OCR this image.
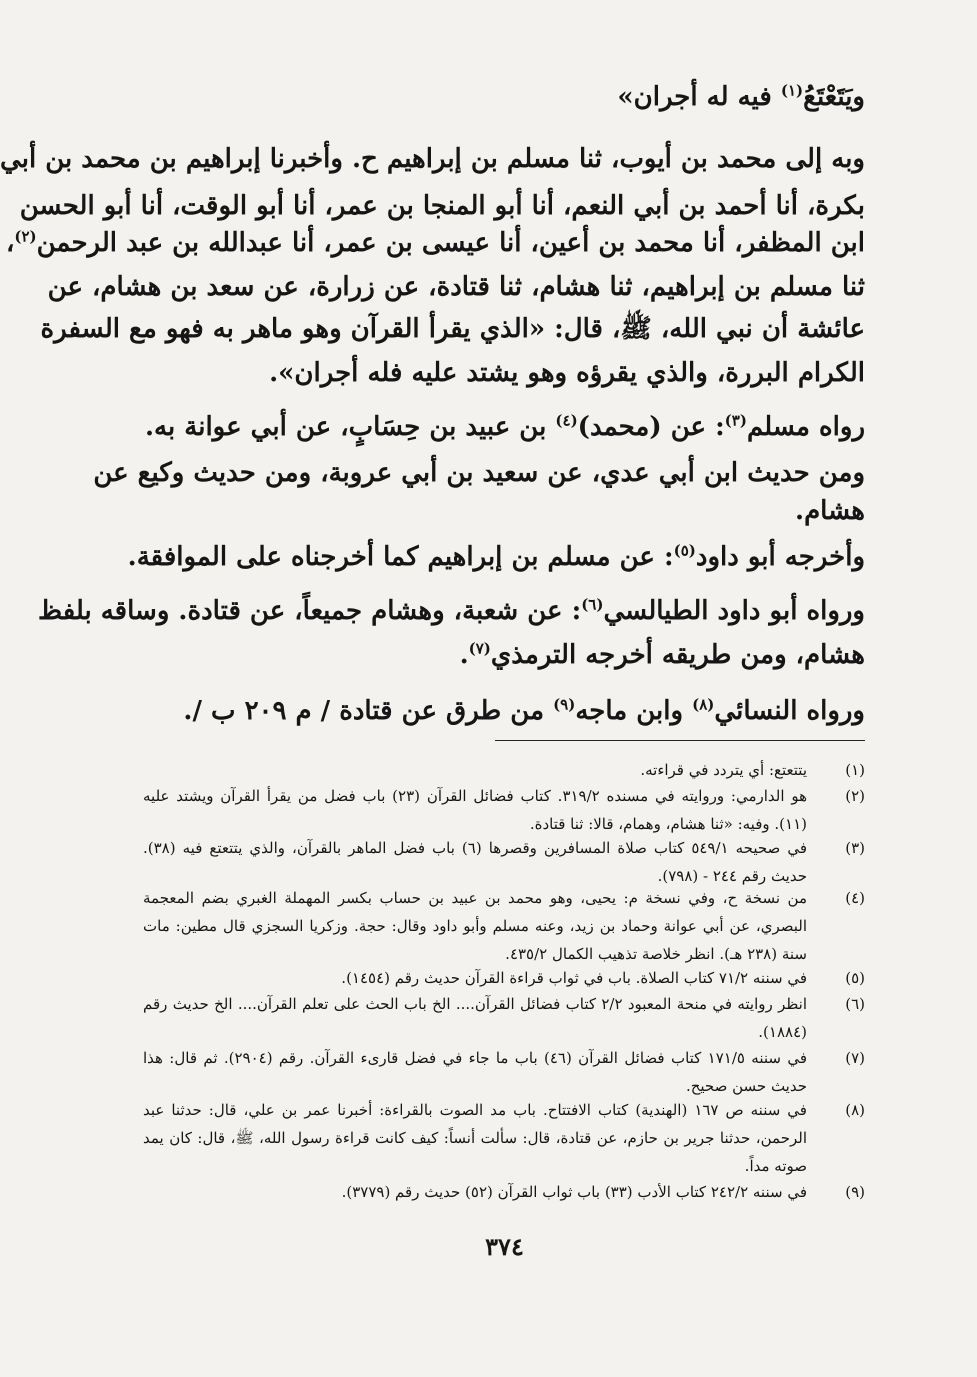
ويَتَعْتَعُ$^{(١)}$ فيه له أجران»
وبه إلى محمد بن أيوب، ثنا مسلم بن إبراهيم ح. وأخبرنا إبراهيم بن محمد بن أبي
بكرة، أنا أحمد بن أبي النعم، أنا أبو المنجا بن عمر، أنا أبو الوقت، أنا أبو الحسن
ابن المظفر، أنا محمد بن أعين، أنا عيسى بن عمر، أنا عبدالله بن عبد الرحمن$^{(٢)}$،
ثنا مسلم بن إبراهيم، ثنا هشام، ثنا قتادة، عن زرارة، عن سعد بن هشام، عن
عائشة أن نبي الله، ﷺ، قال: «الذي يقرأ القرآن وهو ماهر به فهو مع السفرة
الكرام البررة، والذي يقرؤه وهو يشتد عليه فله أجران».
رواه مسلم$^{(٣)}$: عن (محمد)$^{(٤)}$ بن عبيد بن حِسَابٍ، عن أبي عوانة به.
ومن حديث ابن أبي عدي، عن سعيد بن أبي عروبة، ومن حديث وكيع عن
هشام.
وأخرجه أبو داود$^{(٥)}$: عن مسلم بن إبراهيم كما أخرجناه على الموافقة.
ورواه أبو داود الطيالسي$^{(٦)}$: عن شعبة، وهشام جميعاً، عن قتادة. وساقه بلفظ
هشام، ومن طريقه أخرجه الترمذي$^{(٧)}$.
ورواه النسائي$^{(٨)}$ وابن ماجه$^{(٩)}$ من طرق عن قتادة / م ٢٠٩ ب /.
(١)
يتتعتع: أي يتردد في قراءته.
(٢)
هو الدارمي: وروايته في مسنده ٣١٩/٢. كتاب فضائل القرآن (٢٣) باب فضل من يقرأ القرآن ويشتد عليه (١١). وفيه: «ثنا هشام، وهمام، قالا: ثنا قتادة.
(٣)
في صحيحه ٥٤٩/١ كتاب صلاة المسافرين وقصرها (٦) باب فضل الماهر بالقرآن، والذي يتتعتع فيه (٣٨). حديث رقم ٢٤٤ - (٧٩٨).
(٤)
من نسخة ح، وفي نسخة م: يحيى، وهو محمد بن عبيد بن حساب بكسر المهملة الغبري بضم المعجمة البصري، عن أبي عوانة وحماد بن زيد، وعنه مسلم وأبو داود وقال: حجة. وزكريا السجزي قال مطين: مات سنة (٢٣٨ هـ). انظر خلاصة تذهيب الكمال ٤٣٥/٢.
(٥)
في سننه ٧١/٢ كتاب الصلاة. باب في ثواب قراءة القرآن حديث رقم (١٤٥٤).
(٦)
انظر روايته في منحة المعبود ٢/٢ كتاب فضائل القرآن.... الخ باب الحث على تعلم القرآن.... الخ حديث رقم (١٨٨٤).
(٧)
في سننه ١٧١/٥ كتاب فضائل القرآن (٤٦) باب ما جاء في فضل قارىء القرآن. رقم (٢٩٠٤). ثم قال: هذا حديث حسن صحيح.
(٨)
في سننه ص ١٦٧ (الهندية) كتاب الافتتاح. باب مد الصوت بالقراءة: أخبرنا عمر بن علي، قال: حدثنا عبد الرحمن، حدثنا جرير بن حازم، عن قتادة، قال: سألت أنساً: كيف كانت قراءة رسول الله، ﷺ، قال: كان يمد صوته مداً.
(٩)
في سننه ٢٤٢/٢ كتاب الأدب (٣٣) باب ثواب القرآن (٥٢) حديث رقم (٣٧٧٩).
٣٧٤
